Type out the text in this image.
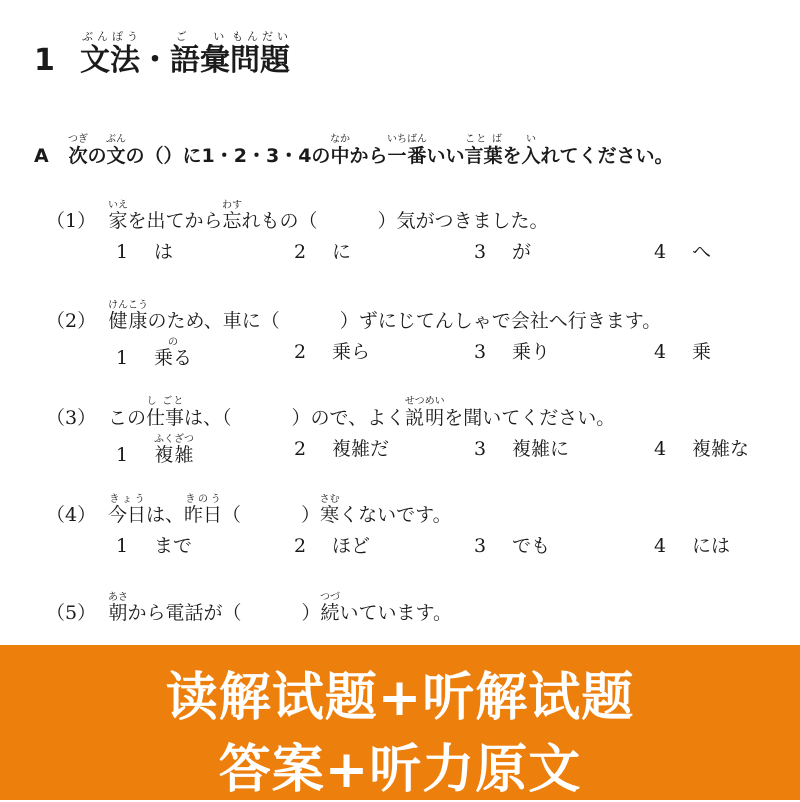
1 文法ぶんぽう・語彙ご い問題もんだい
A 次つぎの文ぶんの（）に1・2・3・4の中なかから一番いちばんいい言葉こと ばを入いれてください。
（1） 家いえを出てから忘わすれもの（	）気がつきました。
1 は	2 に	3 が	4 へ
（2） 健康けんこうのため、車に（	）ずにじてんしゃで会社へ行きます。
1 乗るの	2 乗ら	3 乗り	4 乗
（3） この仕事し ごとは、（	）ので、よく説明せつめいを聞いてください。
1 複雑ふくざつ	2 複雑だ	3 複雑に	4 複雑な
（4） 今日きょうは、昨日きのう（	）寒さむくないです。
1 まで	2 ほど	3 でも	4 には
（5） 朝あさから電話が（	）続つづいています。
读解试题+听解试题
答案+听力原文
